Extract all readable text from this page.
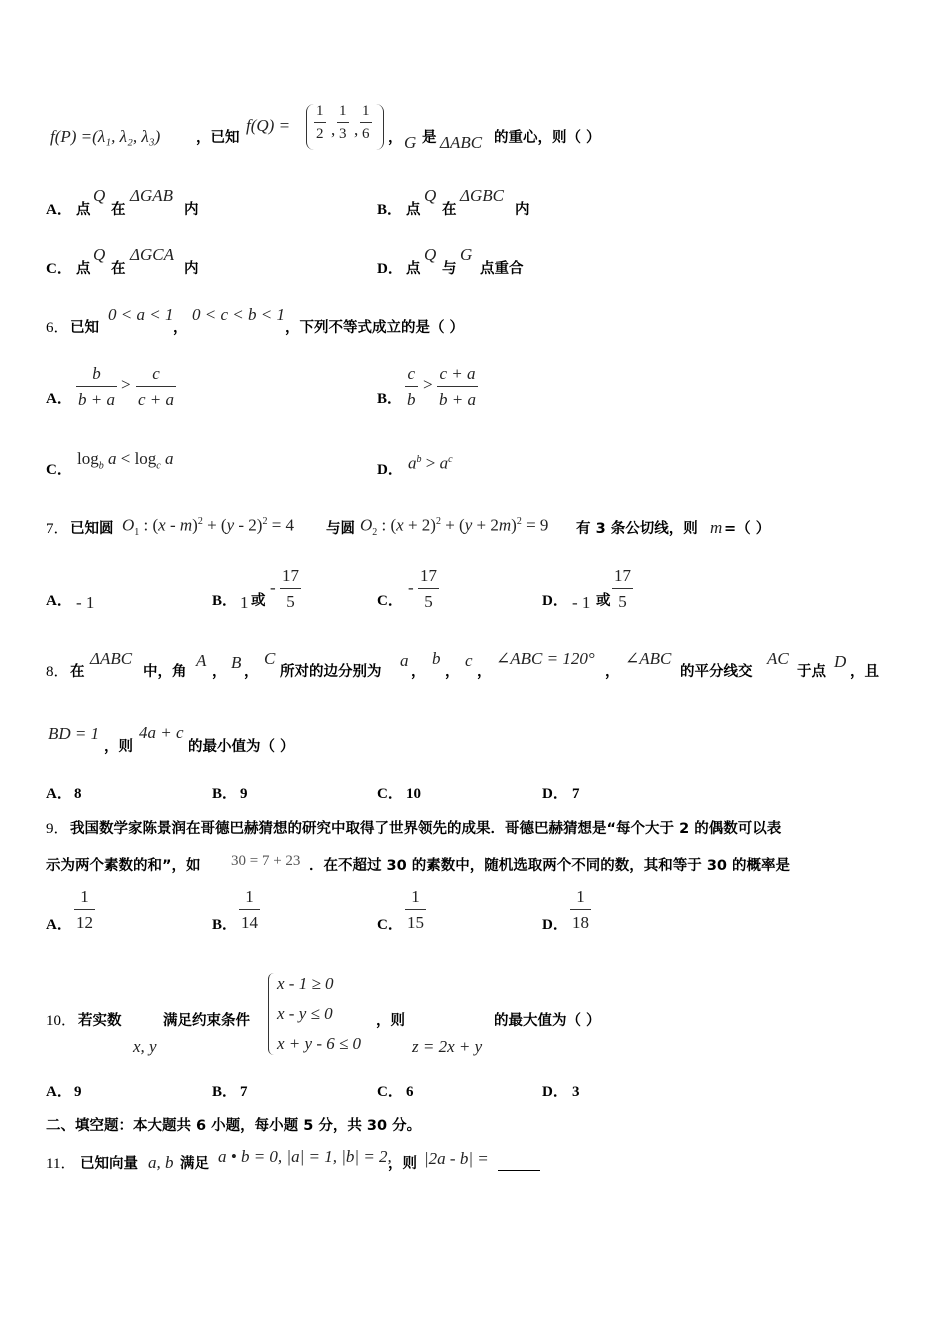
f(P) =(λ₁, λ₂, λ₃) ，已知
f(Q) =
1
2 ,
1
3 ,
1
6 ， G 是 ΔABC 的重心，则（ ）
A． 点
Q
在
ΔGAB
内	B． 点
Q
在
ΔGBC
内
C． 点
Q
在
ΔGCA
内	D． 点
Q
与
G
点重合
6． 已知
0 < a < 1
，
0 < c < b < 1
，下列不等式成立的是（ ）
A．
b
b + a
>
c
c + a	B．
c
b
>
c + a
b + a
C．
$\log_b a < \log_c a$
D． $a^b > a^c$
7． 已知圆 $O_1$ : (x - m)$^2$ + (y - 2)$^2$ = 4 与圆 $O_2$ : $(x + 2)^2 + (y + 2m)^2 = 9$ 有 3 条公切线，则 m =（ ）
A． - 1	B． 1 或
-
17
5	C．
-
17
5	D． - 1 或
17
5
8． 在
ΔABC
中，角
A
， B ，
C
所对的边分别为
a
，
b
，
c
，
∠ABC = 120°
，
∠ABC
的平分线交
AC
于点
D
，且
BD = 1
，则
4a + c
的最小值为（ ）
A． 8	B． 9	C． 10	D． 7
9． 我国数学家陈景润在哥德巴赫猜想的研究中取得了世界领先的成果．哥德巴赫猜想是“每个大于 2 的偶数可以表
示为两个素数的和”，如 30 = 7 + 23 ．在不超过 30 的素数中，随机选取两个不同的数，其和等于 30 的概率是
A．
1
12	B．
1
14	C．
1
15	D．
1
18
10． 若实数
x, y
满足约束条件
x - 1 ≥ 0
x - y ≤ 0
x + y - 6 ≤ 0
，则
z = 2x + y
的最大值为（ ）
A． 9	B． 7	C． 6	D． 3
二、填空题：本大题共 6 小题，每小题 5 分，共 30 分。
11． 已知向量 a, b 满足 a • b = 0, |a| = 1, |b| = 2,
，则 |2a - b| =
